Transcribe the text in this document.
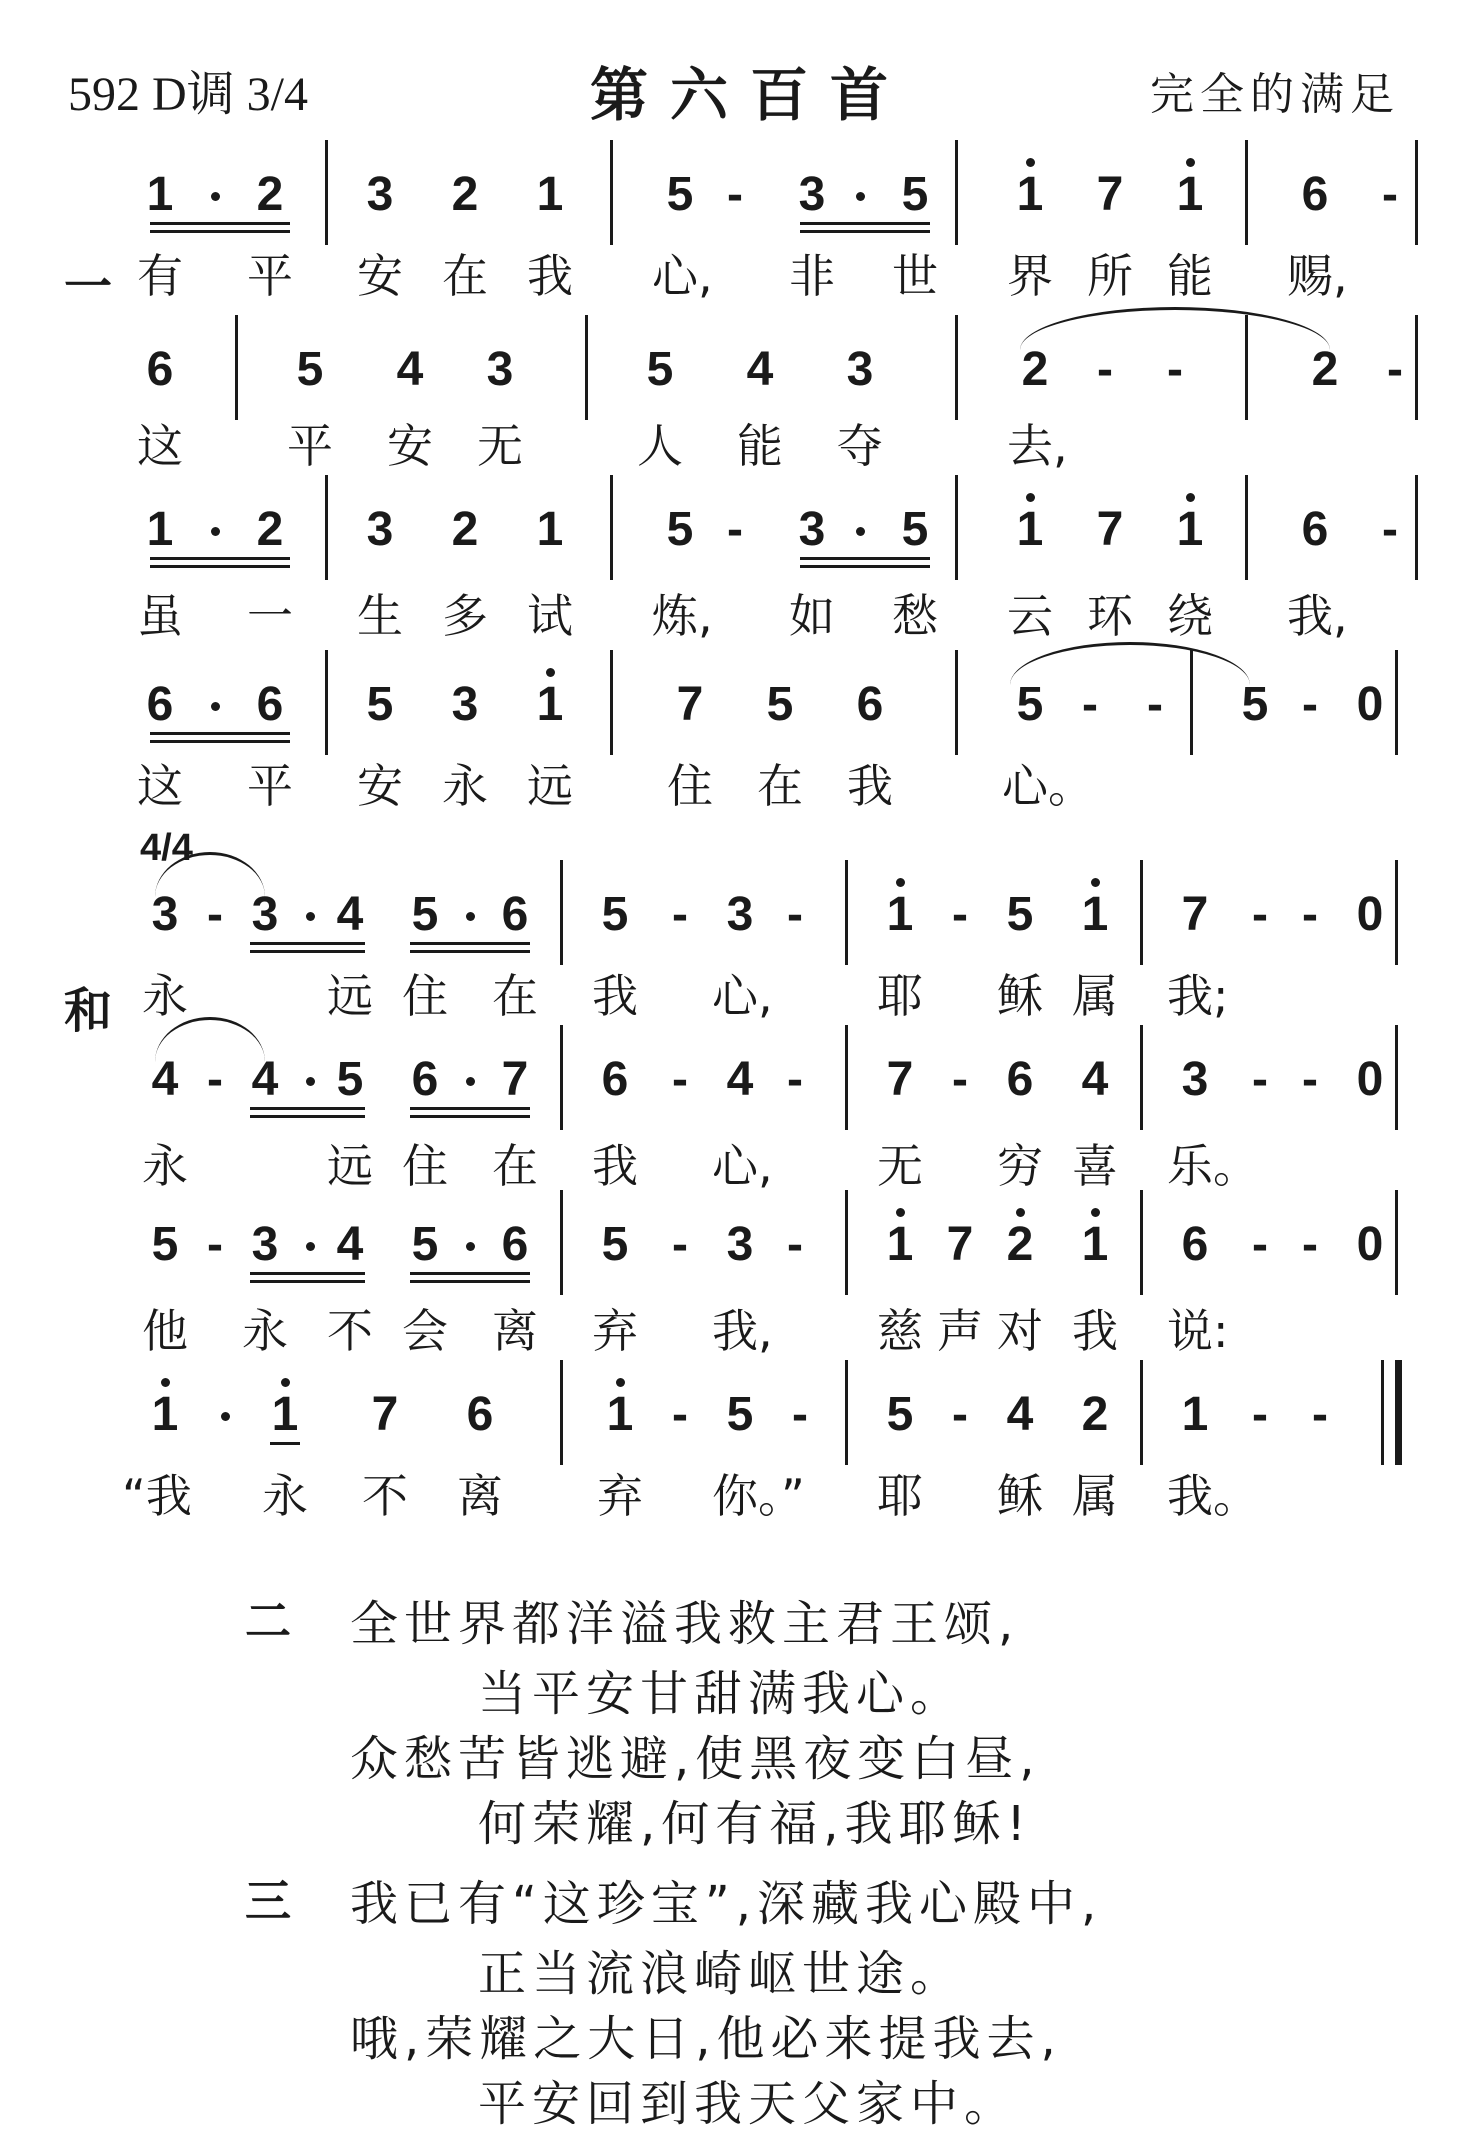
592 D调 3/4	第六百首	完全的满足
4/4
一
和
1 2 3 2 1 5 - 3 5 1 7 1 6 -
有 平 安 在 我 心, 非 世 界 所 能 赐,
6	5 4 3	5 4 3	2 - -	2 -
这 平 安 无 人 能 夺	去,
1 2 3 2 1 5 - 3 5 1 7 1 6 -
虽 一 生 多 试 炼, 如 愁 云 环 绕 我,
6 6 5 3 1 7 5 6	5 - - 5 - 0
这 平 安 永 远 住 在 我 心。
3 - 3 4 5 6 5 - 3 - 1 - 5 1 7 - - 0
永	远 住 在 我 心, 耶 稣 属 我;
4 - 4 5 6 7 6 - 4 - 7 - 6 4 3 - - 0
永	远 住 在 我 心, 无 穷 喜 乐。
5 - 3 4 5 6 5 - 3 - 1 7 2 1 6 - - 0
他 永 不 会 离 弃 我, 慈 声 对 我 说:
1 1 7 6 1 - 5 - 5 - 4 2 1 - -
“我 永 不 离 弃 你。” 耶 稣 属 我。
二 全世界都洋溢我救主君王颂,
当平安甘甜满我心。
众愁苦皆逃避,使黑夜变白昼,
何荣耀,何有福,我耶稣!
三 我已有“这珍宝”,深藏我心殿中,
正当流浪崎岖世途。
哦,荣耀之大日,他必来提我去,
平安回到我天父家中。
